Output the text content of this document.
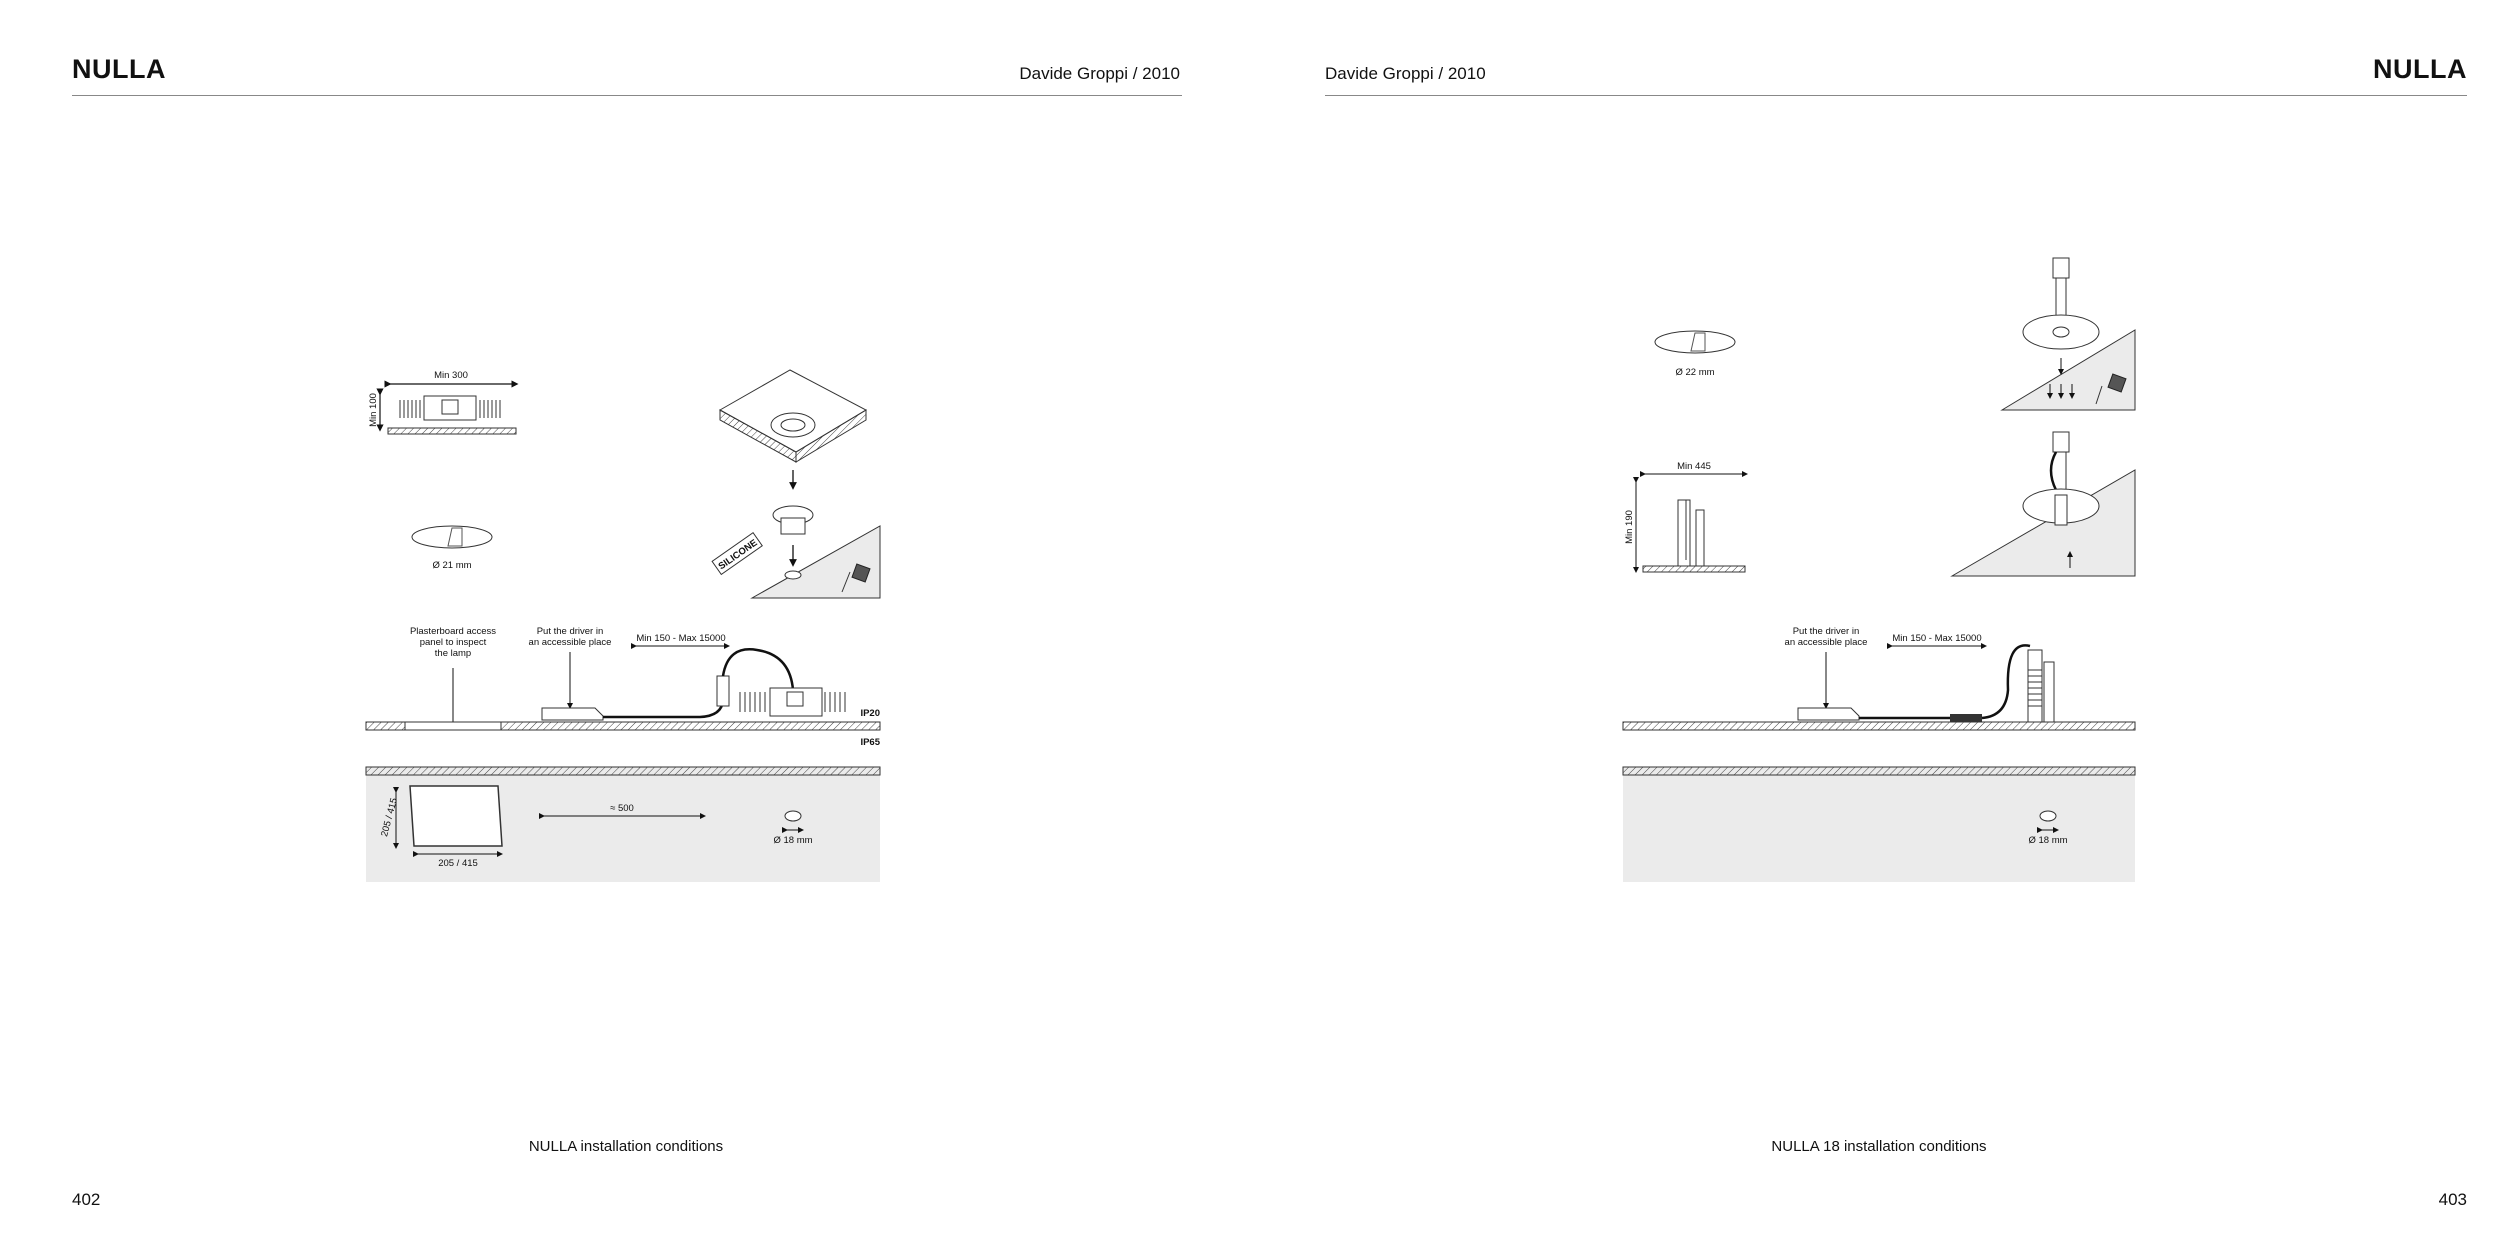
NULLA	Davide Groppi / 2010
Min 300
Min 100
SILICONE
Ø 21 mm
Plasterboard access
panel to inspect
the lamp
Put the driver in
an accessible place	Min 150 - Max 15000
IP20
IP65
205 / 415
205 / 415
≈ 500
Ø 18 mm
NULLA installation conditions
402
Davide Groppi / 2010	NULLA
Ø 22 mm
Min 445
Min 190
Put the driver in
an accessible place	Min 150 - Max 15000
Ø 18 mm
NULLA 18 installation conditions
403
